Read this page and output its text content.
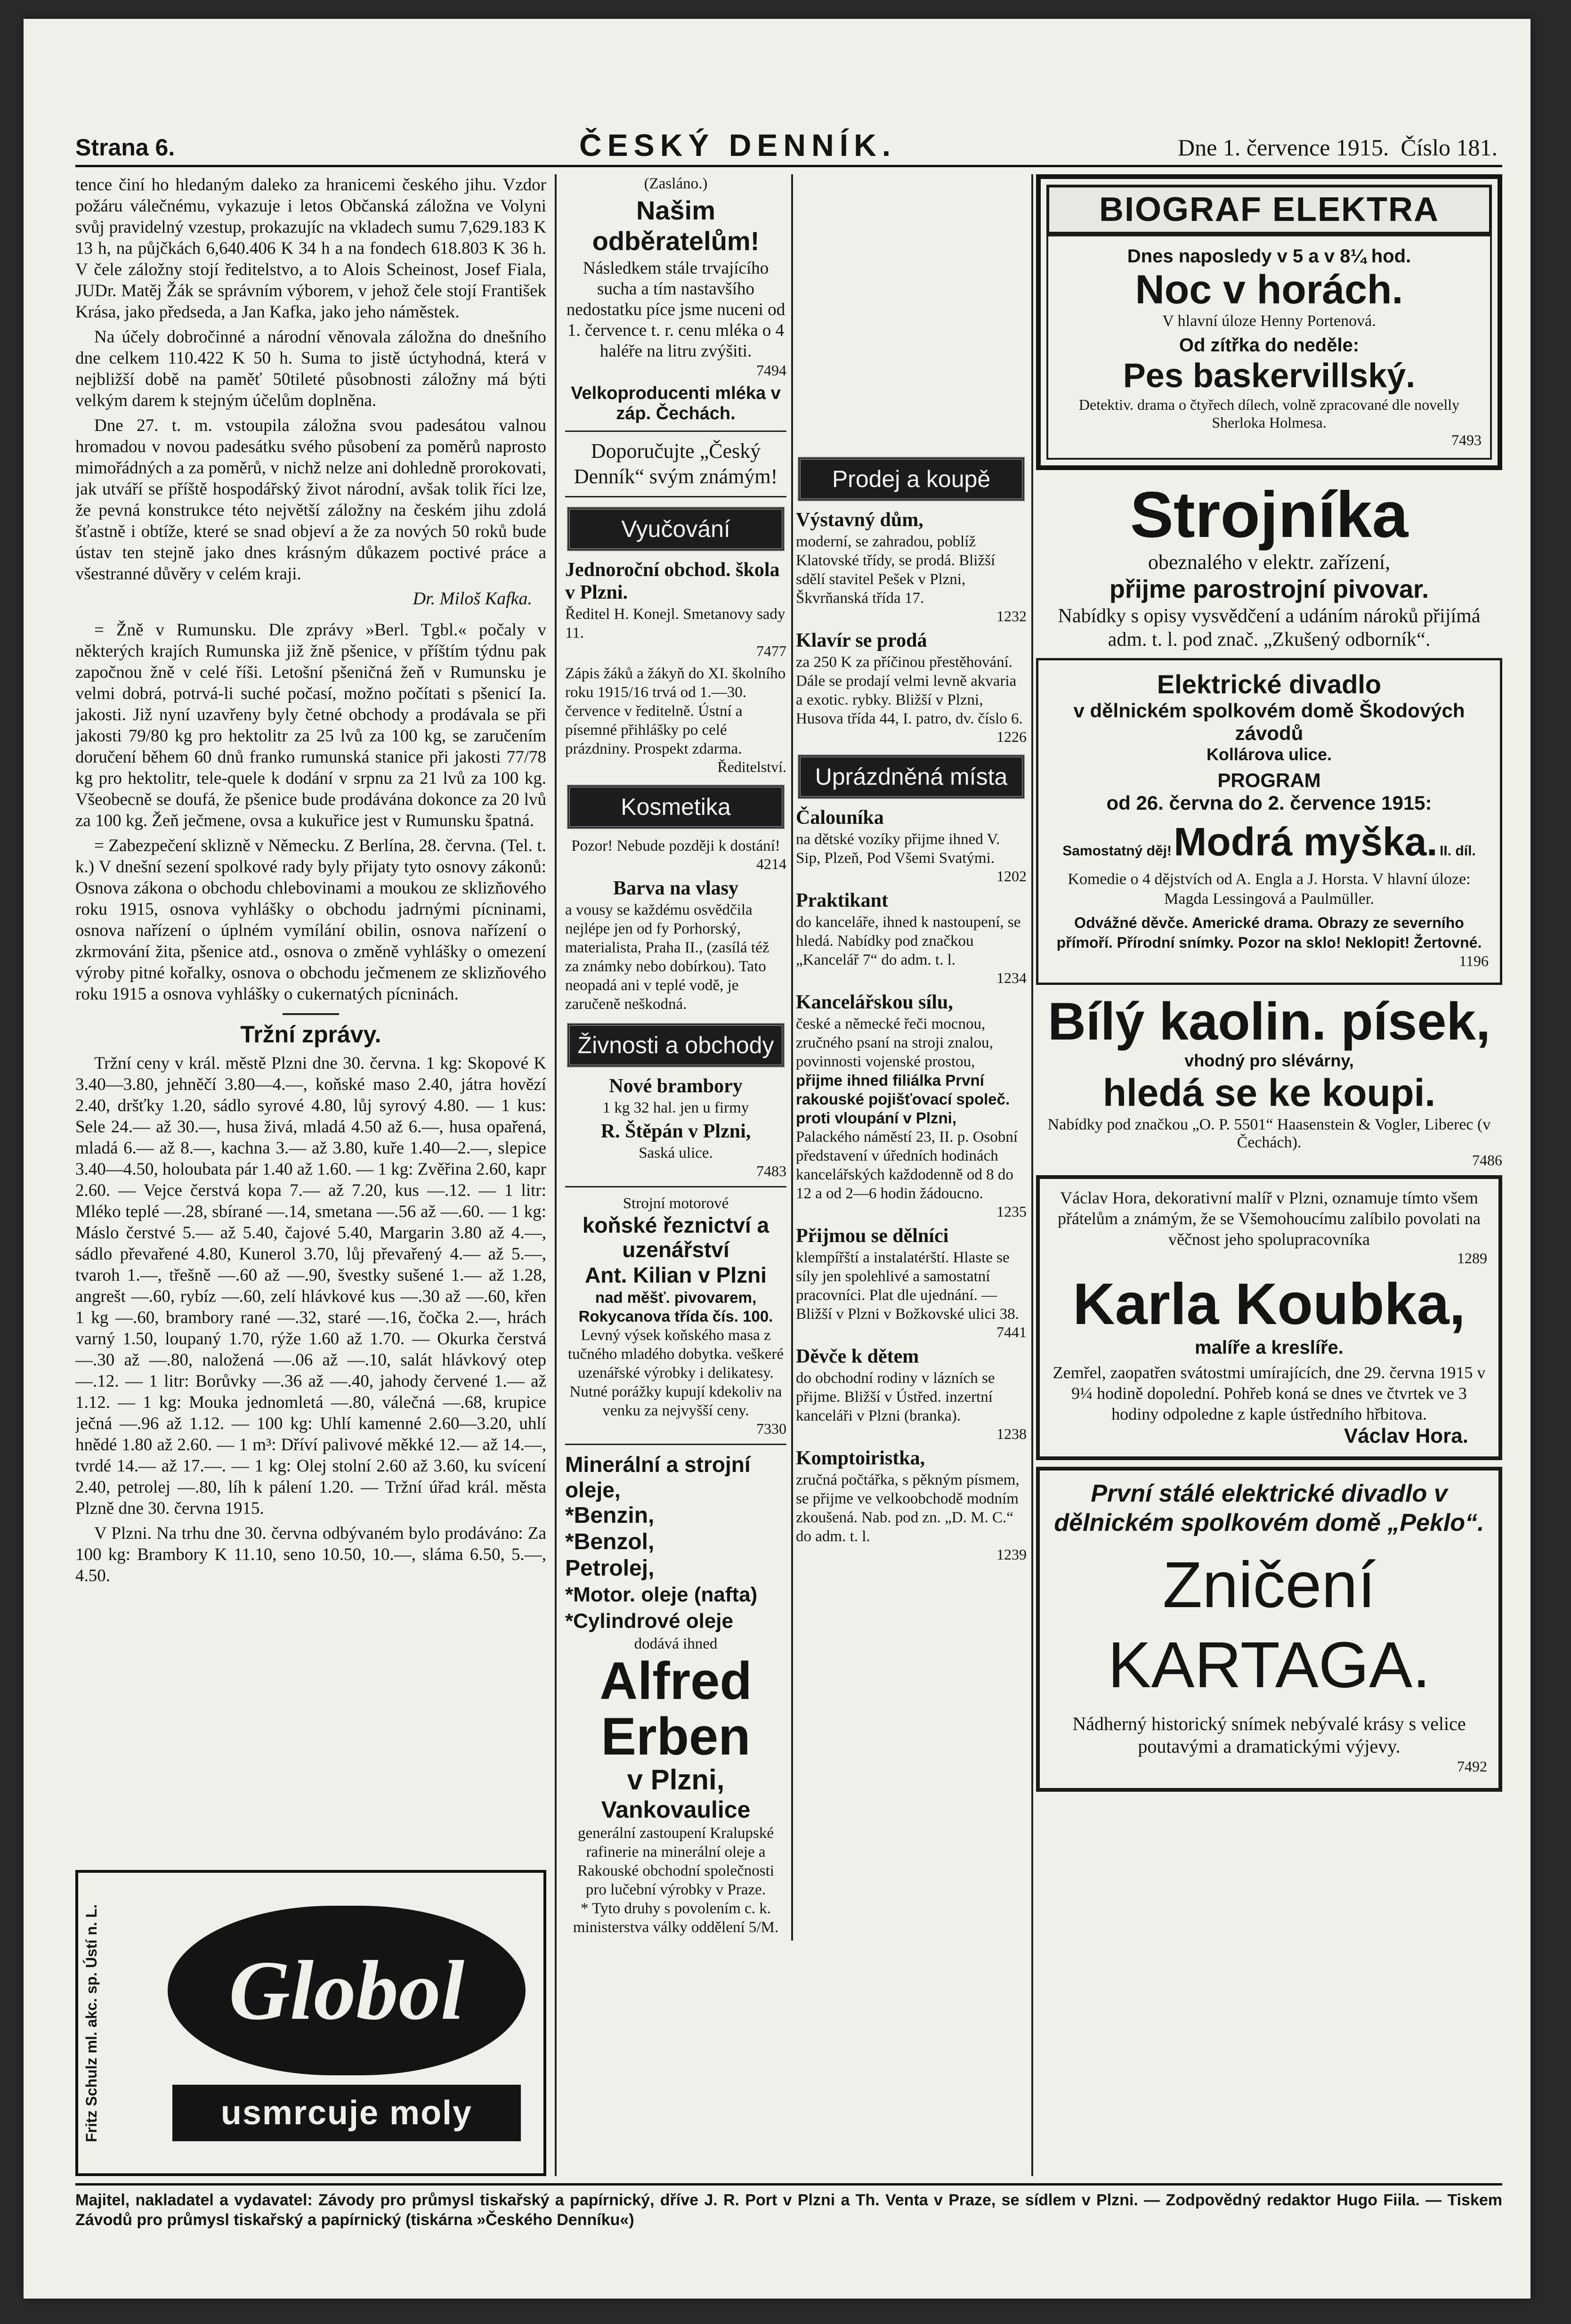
Strana 6.	ČESKÝ DENNÍK.	Dne 1. července 1915. Číslo 181.

tence činí ho hledaným daleko za hranicemi českého jihu. Vzdor požáru válečnému, vykazuje i letos Občanská záložna ve Volyni svůj pravidelný vzestup, prokazujíc na vkladech sumu 7,629.183 K 13 h, na půjčkách 6,640.406 K 34 h a na fondech 618.803 K 36 h. V čele záložny stojí ředitelstvo, a to Alois Scheinost, Josef Fiala, JUDr. Matěj Žák se správním výborem, v jehož čele stojí František Krása, jako předseda, a Jan Kafka, jako jeho náměstek.

Na účely dobročinné a národní věnovala záložna do dnešního dne celkem 110.422 K 50 h. Suma to jistě úctyhodná, která v nejbližší době na paměť 50tileté působnosti záložny má býti velkým darem k stejným účelům doplněna.

Dne 27. t. m. vstoupila záložna svou padesátou valnou hromadou v novou padesátku svého působení za poměrů naprosto mimořádných a za poměrů, v nichž nelze ani dohledně prorokovati, jak utváří se příště hospodářský život národní, avšak tolik říci lze, že pevná konstrukce této největší záložny na českém jihu zdolá šťastně i obtíže, které se snad objeví a že za nových 50 roků bude ústav ten stejně jako dnes krásným důkazem poctivé práce a všestranné důvěry v celém kraji.

Dr. Miloš Kafka.

= Žně v Rumunsku. Dle zprávy »Berl. Tgbl.« počaly v některých krajích Rumunska již žně pšenice, v příštím týdnu pak započnou žně v celé říši. Letošní pšeničná žeň v Rumunsku je velmi dobrá, potrvá-li suché počasí, možno počítati s pšenicí Ia. jakosti. Již nyní uzavřeny byly četné obchody a prodávala se při jakosti 79/80 kg pro hektolitr za 25 lvů za 100 kg, se zaručením doručení během 60 dnů franko rumunská stanice při jakosti 77/78 kg pro hektolitr, tele-quele k dodání v srpnu za 21 lvů za 100 kg. Všeobecně se doufá, že pšenice bude prodávána dokonce za 20 lvů za 100 kg. Žeň ječmene, ovsa a kukuřice jest v Rumunsku špatná.

= Zabezpečení sklizně v Německu. Z Berlína, 28. června. (Tel. t. k.) V dnešní sezení spolkové rady byly přijaty tyto osnovy zákonů: Osnova zákona o obchodu chlebovinami a moukou ze sklizňového roku 1915, osnova vyhlášky o obchodu jadrnými pícninami, osnova nařízení o úplném vymílání obilin, osnova nařízení o zkrmování žita, pšenice atd., osnova o změně vyhlášky o omezení výroby pitné kořalky, osnova o obchodu ječmenem ze sklizňového roku 1915 a osnova vyhlášky o cukernatých pícninách.

Tržní zprávy.

Tržní ceny v král. městě Plzni dne 30. června. 1 kg: Skopové K 3.40—3.80, jehněčí 3.80—4.—, koňské maso 2.40, játra hovězí 2.40, dršťky 1.20, sádlo syrové 4.80, lůj syrový 4.80. — 1 kus: Sele 24.— až 30.—, husa živá, mladá 4.50 až 6.—, husa opařená, mladá 6.— až 8.—, kachna 3.— až 3.80, kuře 1.40—2.—, slepice 3.40—4.50, holoubata pár 1.40 až 1.60. — 1 kg: Zvěřina 2.60, kapr 2.60. — Vejce čerstvá kopa 7.— až 7.20, kus —.12. — 1 litr: Mléko teplé —.28, sbírané —.14, smetana —.56 až —.60. — 1 kg: Máslo čerstvé 5.— až 5.40, čajové 5.40, Margarin 3.80 až 4.—, sádlo převařené 4.80, Kunerol 3.70, lůj převařený 4.— až 5.—, tvaroh 1.—, třešně —.60 až —.90, švestky sušené 1.— až 1.28, angrešt —.60, rybíz —.60, zelí hlávkové kus —.30 až —.60, křen 1 kg —.60, brambory rané —.32, staré —.16, čočka 2.—, hrách varný 1.50, loupaný 1.70, rýže 1.60 až 1.70. — Okurka čerstvá —.30 až —.80, naložená —.06 až —.10, salát hlávkový otep —.12. — 1 litr: Borůvky —.36 až —.40, jahody červené 1.— až 1.12. — 1 kg: Mouka jednomletá —.80, válečná —.68, krupice ječná —.96 až 1.12. — 100 kg: Uhlí kamenné 2.60—3.20, uhlí hnědé 1.80 až 2.60. — 1 m³: Dříví palivové měkké 12.— až 14.—, tvrdé 14.— až 17.—. — 1 kg: Olej stolní 2.60 až 3.60, ku svícení 2.40, petrolej —.80, líh k pálení 1.20. — Tržní úřad král. města Plzně dne 30. června 1915.

V Plzni. Na trhu dne 30. června odbývaném bylo prodáváno: Za 100 kg: Brambory K 11.10, seno 10.50, 10.—, sláma 6.50, 5.—, 4.50.

Fritz Schulz ml. akc. sp. Ústí n. L.	Globol
usmrcuje moly

(Zasláno.)

Našim odběratelům!

Následkem stále trvajícího sucha a tím nastavšího nedostatku píce jsme nuceni od 1. července t. r. cenu mléka o 4 haléře na litru zvýšiti.

7494

Velkoproducenti mléka v záp. Čechách.
Doporučujte „Český Denník“ svým známým!
Vyučování
Jednoroční obchod. škola v Plzni.

Ředitel H. Konejl. Smetanovy sady 11.

7477

Zápis žáků a žákyň do XI. školního roku 1915/16 trvá od 1.—30. července v ředitelně. Ústní a písemné přihlášky po celé prázdniny. Prospekt zdarma.

Ředitelství.

Kosmetika

Pozor! Nebude později k dostání!

4214

Barva na vlasy

a vousy se každému osvědčila nejlépe jen od fy Porhorský, materialista, Praha II., (zasílá též za známky nebo dobírkou). Tato neopadá ani v teplé vodě, je zaručeně neškodná.

Živnosti a obchody
Nové brambory

1 kg 32 hal. jen u firmy

R. Štěpán v Plzni,

Saská ulice.

7483

Strojní motorové

koňské řeznictví a uzenářství
Ant. Kilian v Plzni

nad měšť. pivovarem, Rokycanova třída čís. 100.

Levný výsek koňského masa z tučného mladého dobytka. veškeré uzenářské výrobky i delikatesy. Nutné porážky kupují kdekoliv na venku za nejvyšší ceny.

7330

Minerální a strojní oleje,
*Benzin,
*Benzol,
Petrolej,
*Motor. oleje (nafta)
*Cylindrové oleje

dodává ihned

Alfred Erben
v Plzni,
Vankovaulice

generální zastoupení Kralupské rafinerie na minerální oleje a Rakouské obchodní společnosti pro lučební výrobky v Praze.

* Tyto druhy s povolením c. k. ministerstva války oddělení 5/M.

Prodej a koupě
Výstavný dům,

moderní, se zahradou, poblíž Klatovské třídy, se prodá. Bližší sdělí stavitel Pešek v Plzni, Škvrňanská třída 17.

1232

Klavír se prodá

za 250 K za příčinou přestěhování. Dále se prodají velmi levně akvaria a exotic. rybky. Bližší v Plzni, Husova třída 44, I. patro, dv. číslo 6.

1226

Uprázdněná místa
Čalouníka

na dětské vozíky přijme ihned V. Sip, Plzeň, Pod Všemi Svatými.

1202

Praktikant

do kanceláře, ihned k nastoupení, se hledá. Nabídky pod značkou „Kancelář 7“ do adm. t. l.

1234

Kancelářskou sílu,

české a německé řeči mocnou, zručného psaní na stroji znalou, povinnosti vojenské prostou,

přijme ihned filiálka První rakouské pojišťovací společ. proti vloupání v Plzni,

Palackého náměstí 23, II. p. Osobní představení v úředních hodinách kancelářských každodenně od 8 do 12 a od 2—6 hodin žádoucno.

1235

Přijmou se dělníci

klempířští a instalatérští. Hlaste se síly jen spolehlivé a samostatní pracovníci. Plat dle ujednání. — Bližší v Plzni v Božkovské ulici 38.

7441

Děvče k dětem

do obchodní rodiny v lázních se přijme. Bližší v Ústřed. inzertní kanceláři v Plzni (branka).

1238

Komptoiristka,

zručná počtářka, s pěkným písmem, se přijme ve velkoobchodě modním zkoušená. Nab. pod zn. „D. M. C.“ do adm. t. l.

1239

BIOGRAF ELEKTRA
Dnes naposledy v 5 a v 8¼ hod.
Noc v horách.
V hlavní úloze Henny Portenová.
Od zítřka do neděle:
Pes baskervillský.
Detektiv. drama o čtyřech dílech, volně zpracované dle novelly Sherloka Holmesa.
7493
Strojníka
obeznalého v elektr. zařízení,
přijme parostrojní pivovar.
Nabídky s opisy vysvědčení a udáním nároků přijímá adm. t. l. pod znač. „Zkušený odborník“.
Elektrické divadlo
v dělnickém spolkovém domě Škodových závodů
Kollárova ulice.
PROGRAM
od 26. června do 2. července 1915:
Samostatný děj! Modrá myška. II. díl.
Komedie o 4 dějstvích od A. Engla a J. Horsta. V hlavní úloze: Magda Lessingová a Paulmüller.
Odvážné děvče. Americké drama. Obrazy ze severního přímoří. Přírodní snímky. Pozor na sklo! Neklopit! Žertovné.
1196
Bílý kaolin. písek,
vhodný pro slévárny,
hledá se ke koupi.
Nabídky pod značkou „O. P. 5501“ Haasenstein & Vogler, Liberec (v Čechách).
7486
Václav Hora, dekorativní malíř v Plzni, oznamuje tímto všem přátelům a známým, že se Všemohoucímu zalíbilo povolati na věčnost jeho spolupracovníka
1289
Karla Koubka,
malíře a kreslíře.
Zemřel, zaopatřen svátostmi umírajících, dne 29. června 1915 v 9¼ hodině dopolední. Pohřeb koná se dnes ve čtvrtek ve 3 hodiny odpoledne z kaple ústředního hřbitova.
Václav Hora.
První stálé elektrické divadlo v dělnickém spolkovém domě „Peklo“.
Zničení KARTAGA.
Nádherný historický snímek nebývalé krásy s velice poutavými a dramatickými výjevy.
7492
Majitel, nakladatel a vydavatel: Závody pro průmysl tiskařský a papírnický, dříve J. R. Port v Plzni a Th. Venta v Praze, se sídlem v Plzni. — Zodpovědný redaktor Hugo Fiila. — Tiskem Závodů pro průmysl tiskařský a papírnický (tiskárna »Českého Denníku«)
